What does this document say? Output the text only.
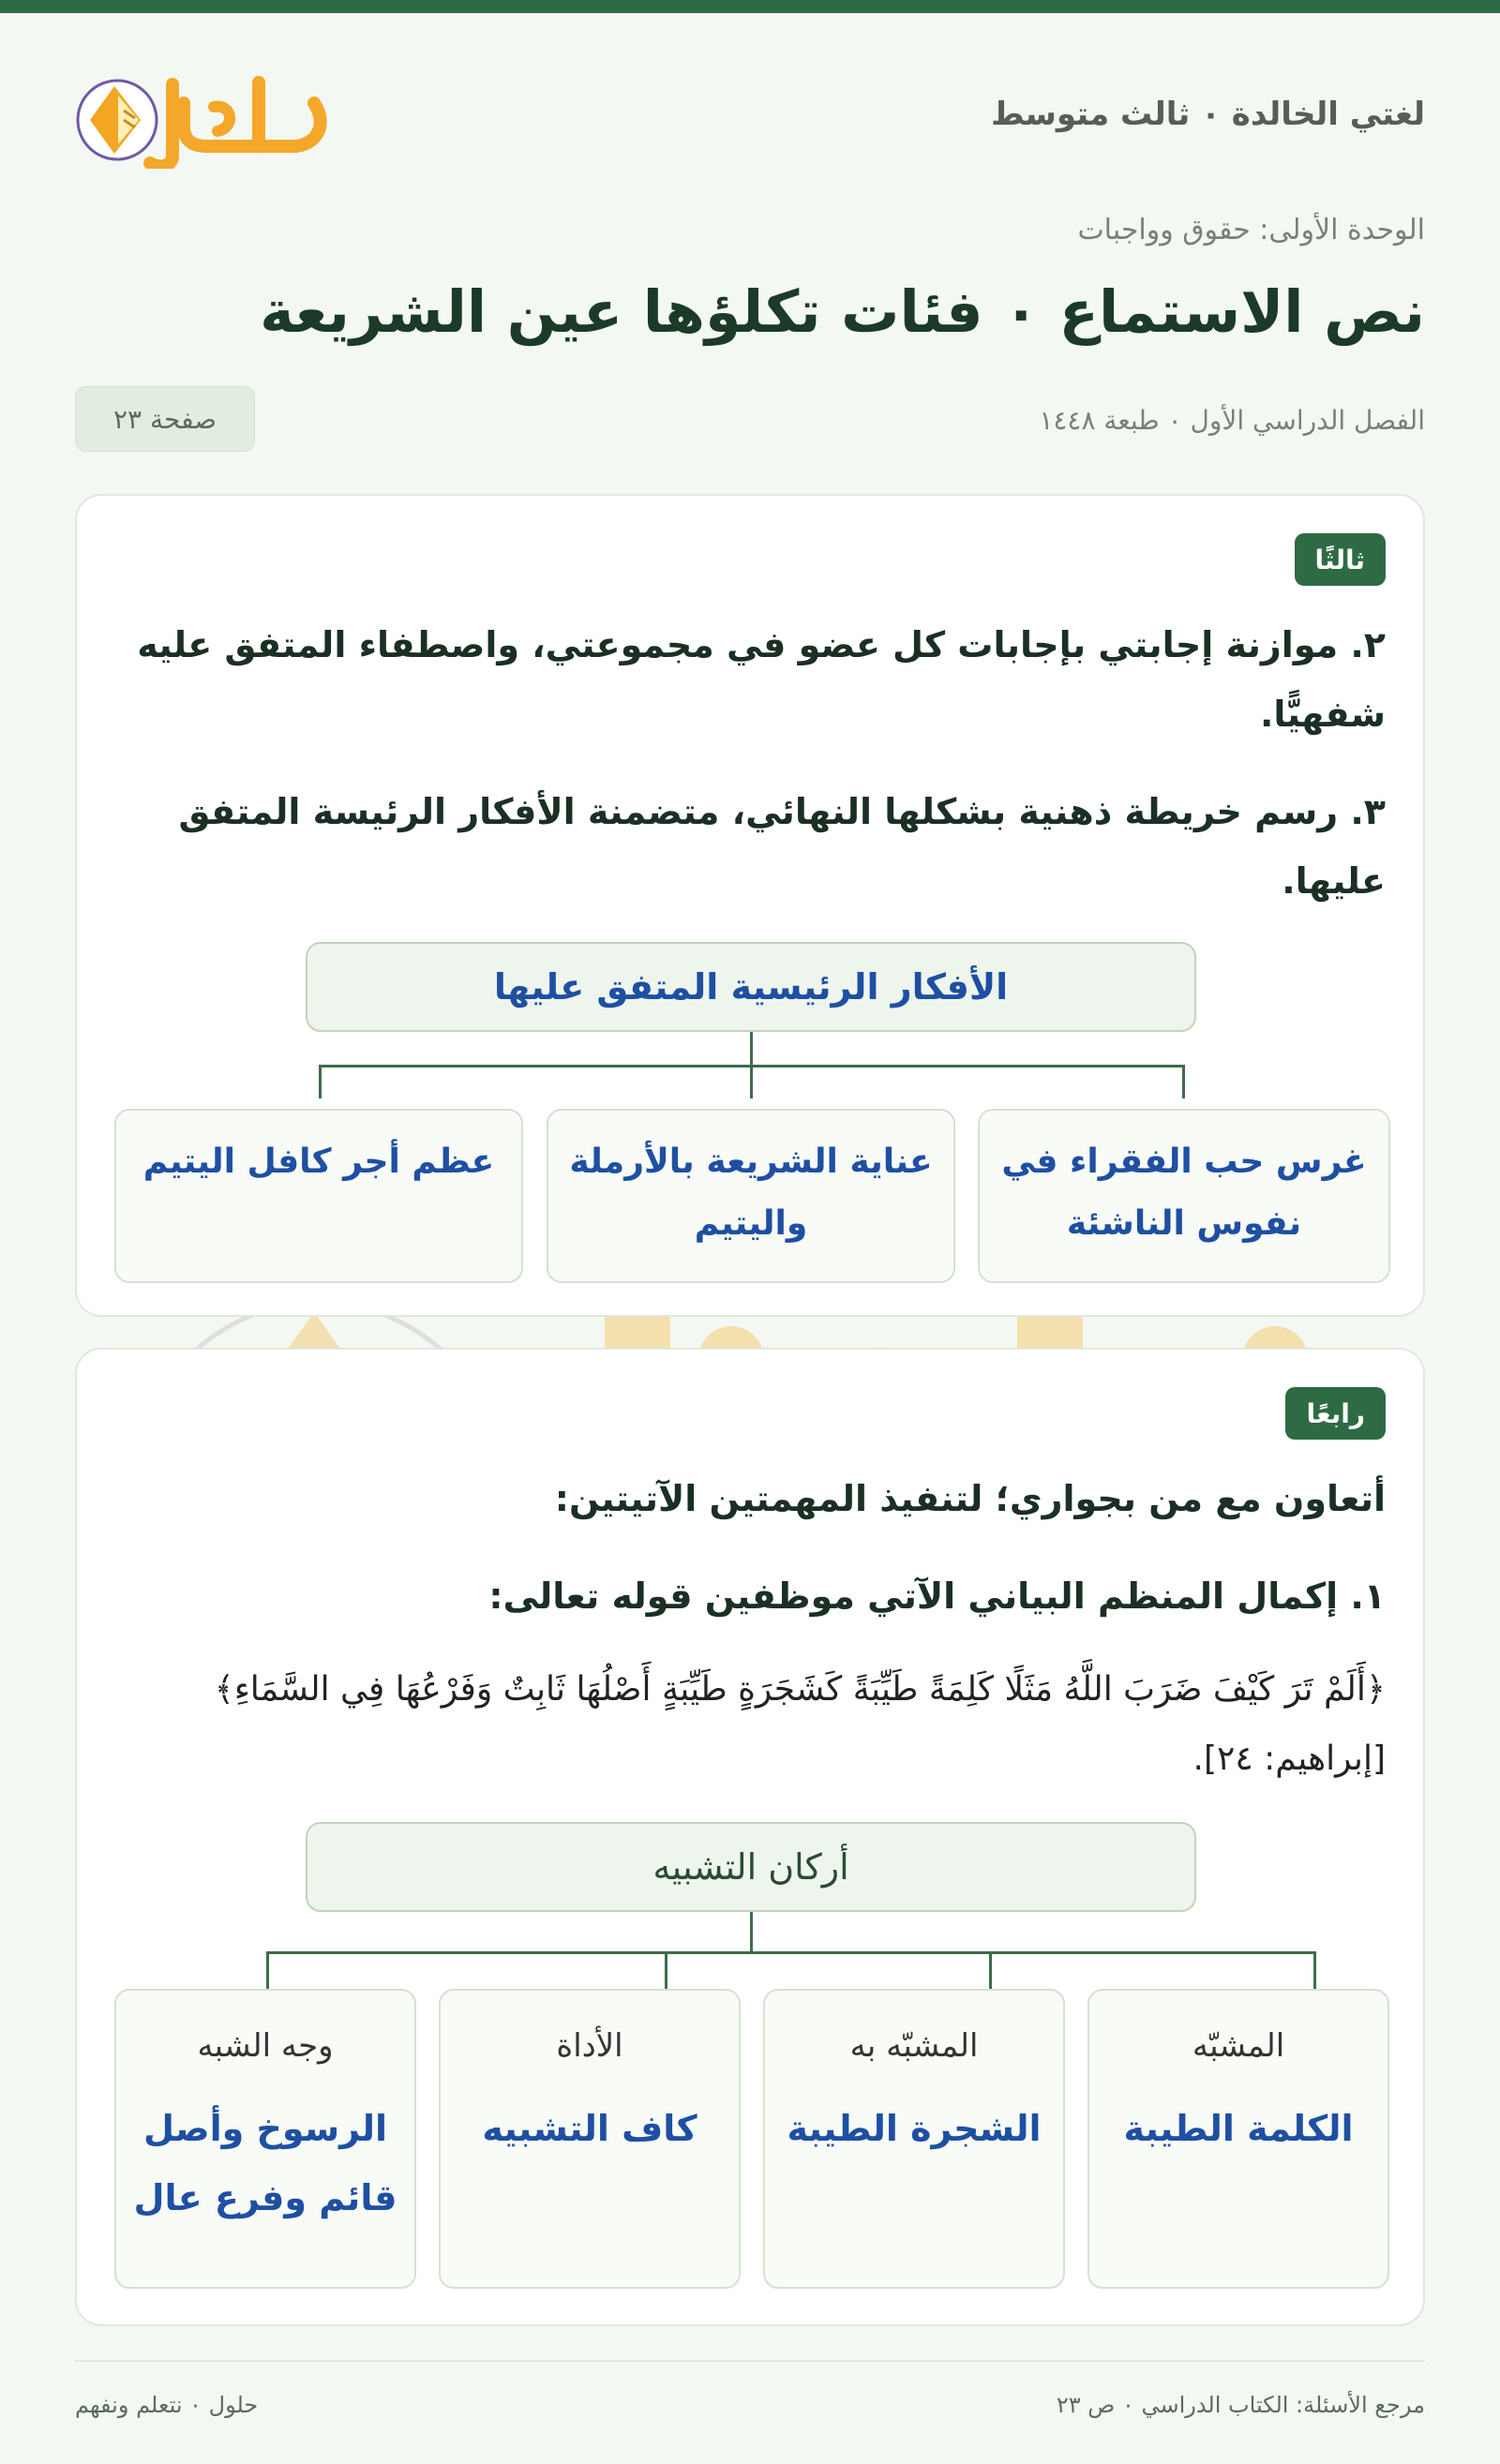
لغتي الخالدة ٠ ثالث متوسط
الوحدة الأولى: حقوق وواجبات
نص الاستماع ٠ فئات تكلؤها عين الشريعة
الفصل الدراسي الأول ٠ طبعة ١٤٤٨
صفحة ٢٣
ثالثًا

٢. موازنة إجابتي بإجابات كل عضو في مجموعتي، واصطفاء المتفق عليه شفهيًّا.

٣. رسم خريطة ذهنية بشكلها النهائي، متضمنة الأفكار الرئيسة المتفق عليها.

الأفكار الرئيسية المتفق عليها
غرس حب الفقراء في نفوس الناشئة
عناية الشريعة بالأرملة واليتيم
عظم أجر كافل اليتيم
رابعًا

أتعاون مع من بجواري؛ لتنفيذ المهمتين الآتيتين:

١. إكمال المنظم البياني الآتي موظفين قوله تعالى:

﴿أَلَمْ تَرَ كَيْفَ ضَرَبَ اللَّهُ مَثَلًا كَلِمَةً طَيِّبَةً كَشَجَرَةٍ طَيِّبَةٍ أَصْلُهَا ثَابِتٌ وَفَرْعُهَا فِي السَّمَاءِ﴾ [إبراهيم: ٢٤].

أركان التشبيه
المشبّه
الكلمة الطيبة
المشبّه به
الشجرة الطيبة
الأداة
كاف التشبيه
وجه الشبه
الرسوخ وأصل قائم وفرع عال
مرجع الأسئلة: الكتاب الدراسي ٠ ص ٢٣
حلول ٠ نتعلم ونفهم
